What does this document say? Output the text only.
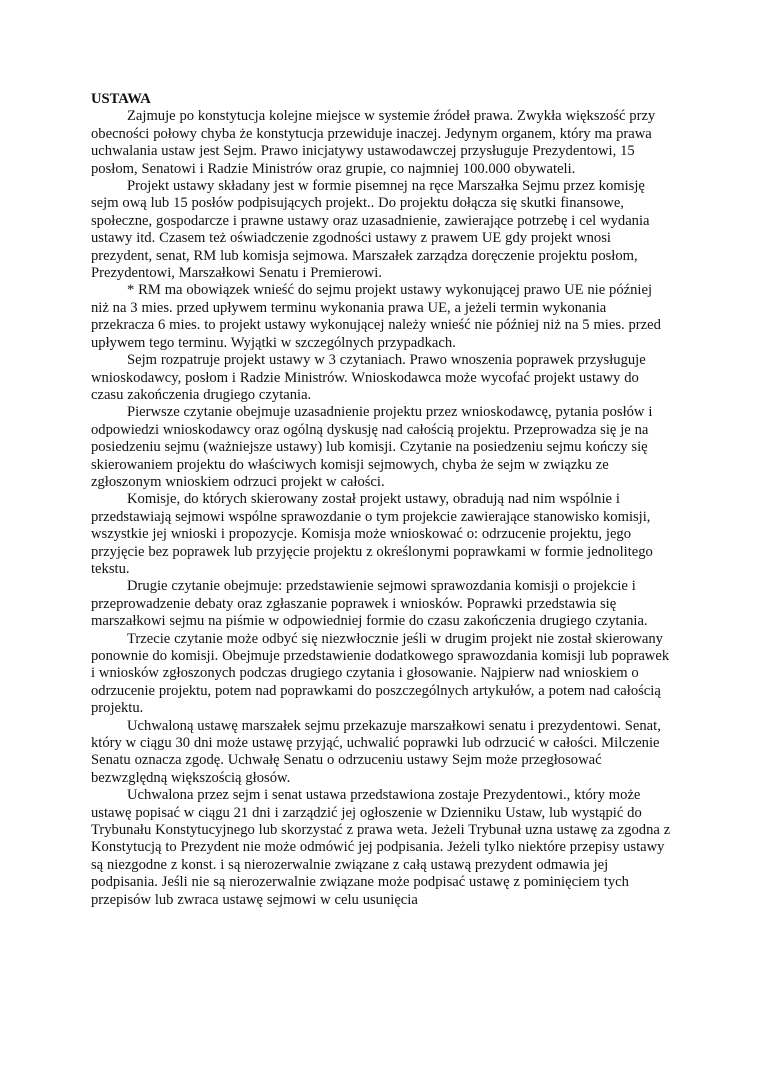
USTAWA

Zajmuje po konstytucja kolejne miejsce w systemie źródeł prawa. Zwykła większość przy obecności połowy chyba że konstytucja przewiduje inaczej. Jedynym organem, który ma prawa uchwalania ustaw jest Sejm. Prawo inicjatywy ustawodawczej przysługuje Prezydentowi, 15 posłom, Senatowi i Radzie Ministrów oraz grupie, co najmniej 100.000 obywateli.

Projekt ustawy składany jest w formie pisemnej na ręce Marszałka Sejmu przez komisję sejm ową lub 15 posłów podpisujących projekt.. Do projektu dołącza się skutki finansowe, społeczne, gospodarcze i prawne ustawy oraz uzasadnienie, zawierające potrzebę i cel wydania ustawy itd. Czasem też oświadczenie zgodności ustawy z prawem UE gdy projekt wnosi prezydent, senat, RM lub komisja sejmowa. Marszałek zarządza doręczenie projektu posłom, Prezydentowi, Marszałkowi Senatu i Premierowi.

* RM ma obowiązek wnieść do sejmu projekt ustawy wykonującej prawo UE nie później niż na 3 mies. przed upływem terminu wykonania prawa UE, a jeżeli termin wykonania przekracza 6 mies. to projekt ustawy wykonującej należy wnieść nie później niż na 5 mies. przed upływem tego terminu. Wyjątki w szczególnych przypadkach.

Sejm rozpatruje projekt ustawy w 3 czytaniach. Prawo wnoszenia poprawek przysługuje wnioskodawcy, posłom i Radzie Ministrów. Wnioskodawca może wycofać projekt ustawy do czasu zakończenia drugiego czytania.

Pierwsze czytanie obejmuje uzasadnienie projektu przez wnioskodawcę, pytania posłów i odpowiedzi wnioskodawcy oraz ogólną dyskusję nad całością projektu. Przeprowadza się je na posiedzeniu sejmu (ważniejsze ustawy) lub komisji. Czytanie na posiedzeniu sejmu kończy się skierowaniem projektu do właściwych komisji sejmowych, chyba że sejm w związku ze zgłoszonym wnioskiem odrzuci projekt w całości.

Komisje, do których skierowany został projekt ustawy, obradują nad nim wspólnie i przedstawiają sejmowi wspólne sprawozdanie o tym projekcie zawierające stanowisko komisji, wszystkie jej wnioski i propozycje. Komisja może wnioskować o: odrzucenie projektu, jego przyjęcie bez poprawek lub przyjęcie projektu z określonymi poprawkami w formie jednolitego tekstu.

Drugie czytanie obejmuje: przedstawienie sejmowi sprawozdania komisji o projekcie i przeprowadzenie debaty oraz zgłaszanie poprawek i wniosków. Poprawki przedstawia się marszałkowi sejmu na piśmie w odpowiedniej formie do czasu zakończenia drugiego czytania.

Trzecie czytanie może odbyć się niezwłocznie jeśli w drugim projekt nie został skierowany ponownie do komisji. Obejmuje przedstawienie dodatkowego sprawozdania komisji lub poprawek i wniosków zgłoszonych podczas drugiego czytania i głosowanie. Najpierw nad wnioskiem o odrzucenie projektu, potem nad poprawkami do poszczególnych artykułów, a potem nad całością projektu.

Uchwaloną ustawę marszałek sejmu przekazuje marszałkowi senatu i prezydentowi. Senat, który w ciągu 30 dni może ustawę przyjąć, uchwalić poprawki lub odrzucić w całości. Milczenie Senatu oznacza zgodę. Uchwałę Senatu o odrzuceniu ustawy Sejm może przegłosować bezwzględną większością głosów.

Uchwalona przez sejm i senat ustawa przedstawiona zostaje Prezydentowi., który może ustawę popisać w ciągu 21 dni i zarządzić jej ogłoszenie w Dzienniku Ustaw, lub wystąpić do Trybunału Konstytucyjnego lub skorzystać z prawa weta. Jeżeli Trybunał uzna ustawę za zgodna z Konstytucją to Prezydent nie może odmówić jej podpisania. Jeżeli tylko niektóre przepisy ustawy są niezgodne z konst. i są nierozerwalnie związane z całą ustawą prezydent odmawia jej podpisania. Jeśli nie są nierozerwalnie związane może podpisać ustawę z pominięciem tych przepisów lub zwraca ustawę sejmowi w celu usunięcia
